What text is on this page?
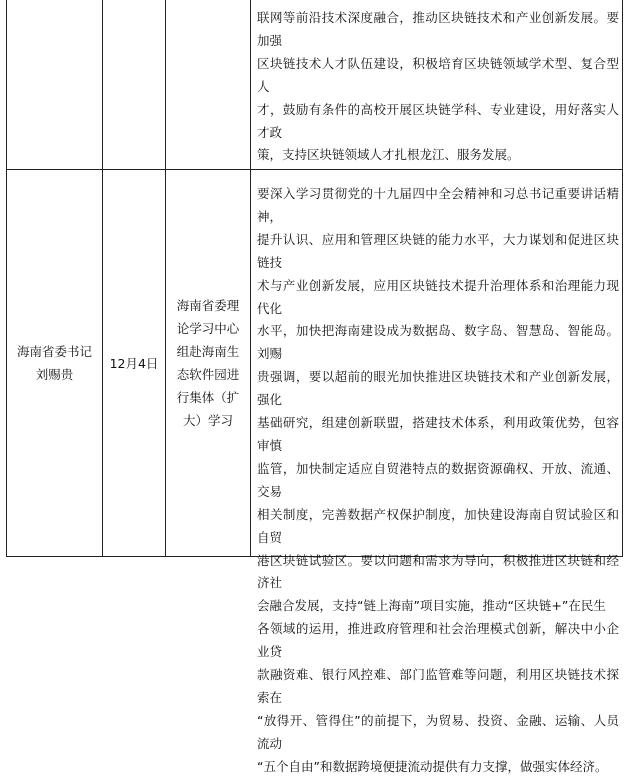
联网等前沿技术深度融合，推动区块链技术和产业创新发展。要加强

区块链技术人才队伍建设，积极培育区块链领域学术型、复合型人

才，鼓励有条件的高校开展区块链学科、专业建设，用好落实人才政

策，支持区块链领域人才扎根龙江、服务发展。

海南省委书记
刘赐贵
12月4日
海南省委理
论学习中心
组赴海南生
态软件园进
行集体（扩
大）学习

要深入学习贯彻党的十九届四中全会精神和习总书记重要讲话精神，

提升认识、应用和管理区块链的能力水平，大力谋划和促进区块链技

术与产业创新发展，应用区块链技术提升治理体系和治理能力现代化

水平，加快把海南建设成为数据岛、数字岛、智慧岛、智能岛。刘赐

贵强调，要以超前的眼光加快推进区块链技术和产业创新发展，强化

基础研究，组建创新联盟，搭建技术体系，利用政策优势，包容审慎

监管，加快制定适应自贸港特点的数据资源确权、开放、流通、交易

相关制度，完善数据产权保护制度，加快建设海南自贸试验区和自贸

港区块链试验区。要以问题和需求为导向，积极推进区块链和经济社

会融合发展，支持“链上海南”项目实施，推动“区块链+”在民生

各领域的运用，推进政府管理和社会治理模式创新，解决中小企业贷

款融资难、银行风控难、部门监管难等问题，利用区块链技术探索在

“放得开、管得住”的前提下，为贸易、投资、金融、运输、人员流动

“五个自由”和数据跨境便捷流动提供有力支撑，做强实体经济。
